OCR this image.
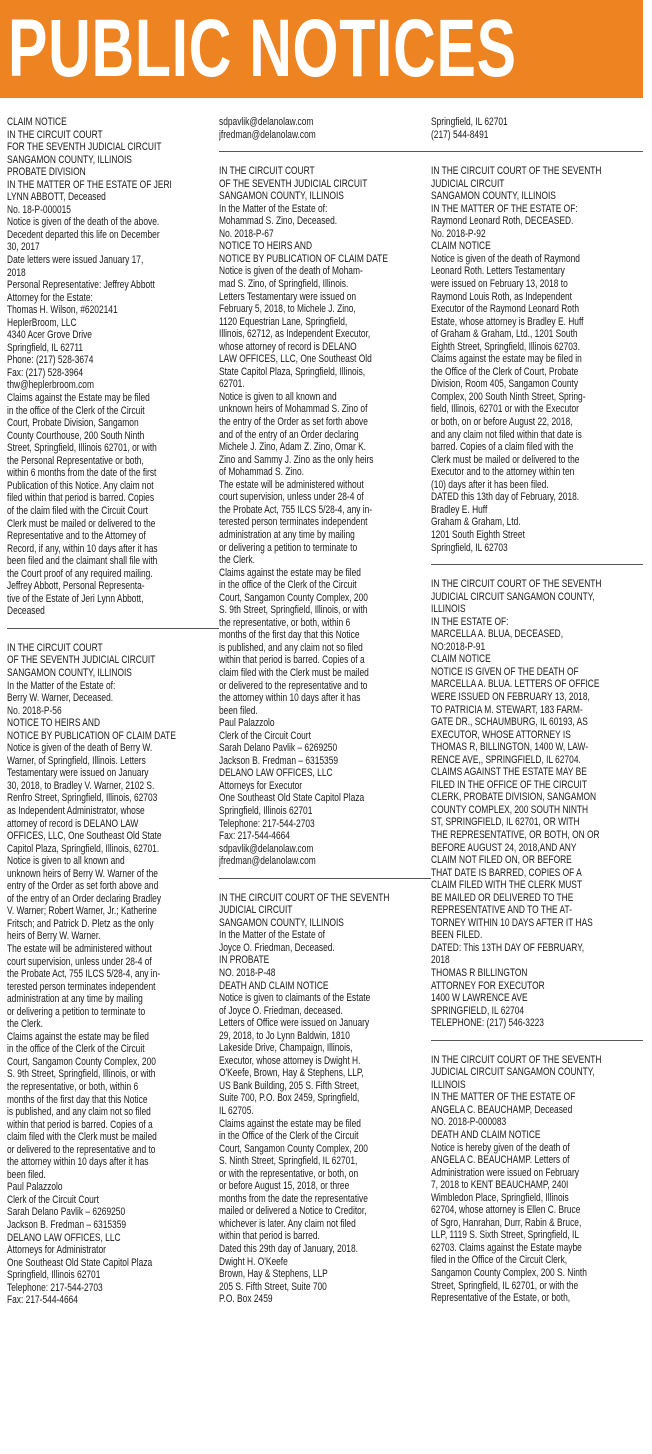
PUBLIC NOTICES
CLAIM NOTICE
IN THE CIRCUIT COURT
FOR THE SEVENTH JUDICIAL CIRCUIT
SANGAMON COUNTY, ILLINOIS
PROBATE DIVISION
IN THE MATTER OF THE ESTATE OF JERI
LYNN ABBOTT, Deceased
No. 18-P-000015
Notice is given of the death of the above.
Decedent departed this life on December
30, 2017
Date letters were issued January 17,
2018
Personal Representative: Jeffrey Abbott
Attorney for the Estate:
Thomas H. Wilson, #6202141
HeplerBroom, LLC
4340 Acer Grove Drive
Springfield, IL 62711
Phone: (217) 528-3674
Fax: (217) 528-3964
thw@heplerbroom.com
Claims against the Estate may be filed
in the office of the Clerk of the Circuit
Court, Probate Division, Sangamon
County Courthouse, 200 South Ninth
Street, Springfield, Illinois 62701, or with
the Personal Representative or both,
within 6 months from the date of the first
Publication of this Notice. Any claim not
filed within that period is barred. Copies
of the claim filed with the Circuit Court
Clerk must be mailed or delivered to the
Representative and to the Attorney of
Record, if any, within 10 days after it has
been filed and the claimant shall file with
the Court proof of any required mailing.
Jeffrey Abbott, Personal Representa-
tive of the Estate of Jeri Lynn Abbott,
Deceased
IN THE CIRCUIT COURT
OF THE SEVENTH JUDICIAL CIRCUIT
SANGAMON COUNTY, ILLINOIS
In the Matter of the Estate of:
Berry W. Warner, Deceased.
No. 2018-P-56
NOTICE TO HEIRS AND
NOTICE BY PUBLICATION OF CLAIM DATE
Notice is given of the death of Berry W.
Warner, of Springfield, Illinois. Letters
Testamentary were issued on January
30, 2018, to Bradley V. Warner, 2102 S.
Renfro Street, Springfield, Illinois, 62703
as Independent Administrator, whose
attorney of record is DELANO LAW
OFFICES, LLC, One Southeast Old State
Capitol Plaza, Springfield, Illinois, 62701.
Notice is given to all known and
unknown heirs of Berry W. Warner of the
entry of the Order as set forth above and
of the entry of an Order declaring Bradley
V. Warner; Robert Warner, Jr.; Katherine
Fritsch; and Patrick D. Pletz as the only
heirs of Berry W. Warner.
The estate will be administered without
court supervision, unless under 28-4 of
the Probate Act, 755 ILCS 5/28-4, any in-
terested person terminates independent
administration at any time by mailing
or delivering a petition to terminate to
the Clerk.
Claims against the estate may be filed
in the office of the Clerk of the Circuit
Court, Sangamon County Complex, 200
S. 9th Street, Springfield, Illinois, or with
the representative, or both, within 6
months of the first day that this Notice
is published, and any claim not so filed
within that period is barred. Copies of a
claim filed with the Clerk must be mailed
or delivered to the representative and to
the attorney within 10 days after it has
been filed.
Paul Palazzolo
Clerk of the Circuit Court
Sarah Delano Pavlik – 6269250
Jackson B. Fredman – 6315359
DELANO LAW OFFICES, LLC
Attorneys for Administrator
One Southeast Old State Capitol Plaza
Springfield, Illinois 62701
Telephone: 217-544-2703
Fax: 217-544-4664
sdpavlik@delanolaw.com
jfredman@delanolaw.com
IN THE CIRCUIT COURT
OF THE SEVENTH JUDICIAL CIRCUIT
SANGAMON COUNTY, ILLINOIS
In the Matter of the Estate of:
Mohammad S. Zino, Deceased.
No. 2018-P-67
NOTICE TO HEIRS AND
NOTICE BY PUBLICATION OF CLAIM DATE
Notice is given of the death of Moham-
mad S. Zino, of Springfield, Illinois.
Letters Testamentary were issued on
February 5, 2018, to Michele J. Zino,
1120 Equestrian Lane, Springfield,
Illinois, 62712, as Independent Executor,
whose attorney of record is DELANO
LAW OFFICES, LLC, One Southeast Old
State Capitol Plaza, Springfield, Illinois,
62701.
Notice is given to all known and
unknown heirs of Mohammad S. Zino of
the entry of the Order as set forth above
and of the entry of an Order declaring
Michele J. Zino, Adam Z. Zino, Omar K.
Zino and Sammy J. Zino as the only heirs
of Mohammad S. Zino.
The estate will be administered without
court supervision, unless under 28-4 of
the Probate Act, 755 ILCS 5/28-4, any in-
terested person terminates independent
administration at any time by mailing
or delivering a petition to terminate to
the Clerk.
Claims against the estate may be filed
in the office of the Clerk of the Circuit
Court, Sangamon County Complex, 200
S. 9th Street, Springfield, Illinois, or with
the representative, or both, within 6
months of the first day that this Notice
is published, and any claim not so filed
within that period is barred. Copies of a
claim filed with the Clerk must be mailed
or delivered to the representative and to
the attorney within 10 days after it has
been filed.
Paul Palazzolo
Clerk of the Circuit Court
Sarah Delano Pavlik – 6269250
Jackson B. Fredman – 6315359
DELANO LAW OFFICES, LLC
Attorneys for Executor
One Southeast Old State Capitol Plaza
Springfield, Illinois 62701
Telephone: 217-544-2703
Fax: 217-544-4664
sdpavlik@delanolaw.com
jfredman@delanolaw.com
IN THE CIRCUIT COURT OF THE SEVENTH
JUDICIAL CIRCUIT
SANGAMON COUNTY, ILLINOIS
In the Matter of the Estate of
Joyce O. Friedman, Deceased.
IN PROBATE
NO. 2018-P-48
DEATH AND CLAIM NOTICE
Notice is given to claimants of the Estate
of Joyce O. Friedman, deceased.
Letters of Office were issued on January
29, 2018, to Jo Lynn Baldwin, 1810
Lakeside Drive, Champaign, Illinois,
Executor, whose attorney is Dwight H.
O'Keefe, Brown, Hay & Stephens, LLP,
US Bank Building, 205 S. Fifth Street,
Suite 700, P.O. Box 2459, Springfield,
IL 62705.
Claims against the estate may be filed
in the Office of the Clerk of the Circuit
Court, Sangamon County Complex, 200
S. Ninth Street, Springfield, IL 62701,
or with the representative, or both, on
or before August 15, 2018, or three
months from the date the representative
mailed or delivered a Notice to Creditor,
whichever is later. Any claim not filed
within that period is barred.
Dated this 29th day of January, 2018.
Dwight H. O'Keefe
Brown, Hay & Stephens, LLP
205 S. Fifth Street, Suite 700
P.O. Box 2459
Springfield, IL 62701
(217) 544-8491
IN THE CIRCUIT COURT OF THE SEVENTH
JUDICIAL CIRCUIT
SANGAMON COUNTY, ILLINOIS
IN THE MATTER OF THE ESTATE OF:
Raymond Leonard Roth, DECEASED.
No. 2018-P-92
CLAIM NOTICE
Notice is given of the death of Raymond
Leonard Roth. Letters Testamentary
were issued on February 13, 2018 to
Raymond Louis Roth, as Independent
Executor of the Raymond Leonard Roth
Estate, whose attorney is Bradley E. Huff
of Graham & Graham, Ltd., 1201 South
Eighth Street, Springfield, Illinois 62703.
Claims against the estate may be filed in
the Office of the Clerk of Court, Probate
Division, Room 405, Sangamon County
Complex, 200 South Ninth Street, Spring-
field, Illinois, 62701 or with the Executor
or both, on or before August 22, 2018,
and any claim not filed within that date is
barred. Copies of a claim filed with the
Clerk must be mailed or delivered to the
Executor and to the attorney within ten
(10) days after it has been filed.
DATED this 13th day of February, 2018.
Bradley E. Huff
Graham & Graham, Ltd.
1201 South Eighth Street
Springfield, IL 62703
IN THE CIRCUIT COURT OF THE SEVENTH
JUDICIAL CIRCUIT SANGAMON COUNTY,
ILLINOIS
IN THE ESTATE OF:
MARCELLA A. BLUA, DECEASED,
NO:2018-P-91
CLAIM NOTICE
NOTICE IS GIVEN OF THE DEATH OF
MARCELLA A. BLUA. LETTERS OF OFFICE
WERE ISSUED ON FEBRUARY 13, 2018,
TO PATRICIA M. STEWART, 183 FARM-
GATE DR., SCHAUMBURG, IL 60193, AS
EXECUTOR, WHOSE ATTORNEY IS
THOMAS R, BILLINGTON, 1400 W, LAW-
RENCE AVE,, SPRINGFIELD, IL 62704.
CLAIMS AGAINST THE ESTATE MAY BE
FILED IN THE OFFICE OF THE CIRCUIT
CLERK, PROBATE DIVISION, SANGAMON
COUNTY COMPLEX, 200 SOUTH NINTH
ST, SPRINGFIELD, IL 62701, OR WITH
THE REPRESENTATIVE, OR BOTH, ON OR
BEFORE AUGUST 24, 2018,AND ANY
CLAIM NOT FILED ON, OR BEFORE
THAT DATE IS BARRED, COPIES OF A
CLAIM FILED WITH THE CLERK MUST
BE MAILED OR DELIVERED TO THE
REPRESENTATIVE AND TO THE AT-
TORNEY WITHIN 10 DAYS AFTER IT HAS
BEEN FILED.
DATED: This 13TH DAY OF FEBRUARY,
2018
THOMAS R BILLINGTON
ATTORNEY FOR EXECUTOR
1400 W LAWRENCE AVE
SPRINGFIELD, IL 62704
TELEPHONE: (217) 546-3223
IN THE CIRCUIT COURT OF THE SEVENTH
JUDICIAL CIRCUIT SANGAMON COUNTY,
ILLINOIS
IN THE MATTER OF THE ESTATE OF
ANGELA C. BEAUCHAMP, Deceased
NO. 2018-P-000083
DEATH AND CLAIM NOTICE
Notice is hereby given of the death of
ANGELA C. BEAUCHAMP. Letters of
Administration were issued on February
7, 2018 to KENT BEAUCHAMP, 240I
Wimbledon Place, Springfield, Illinois
62704, whose attorney is Ellen C. Bruce
of Sgro, Hanrahan, Durr, Rabin & Bruce,
LLP, 1119 S. Sixth Street, Springfield, IL
62703. Claims against the Estate maybe
filed in the Office of the Circuit Clerk,
Sangamon County Complex, 200 S. Ninth
Street, Springfield, IL 62701, or with the
Representative of the Estate, or both,
